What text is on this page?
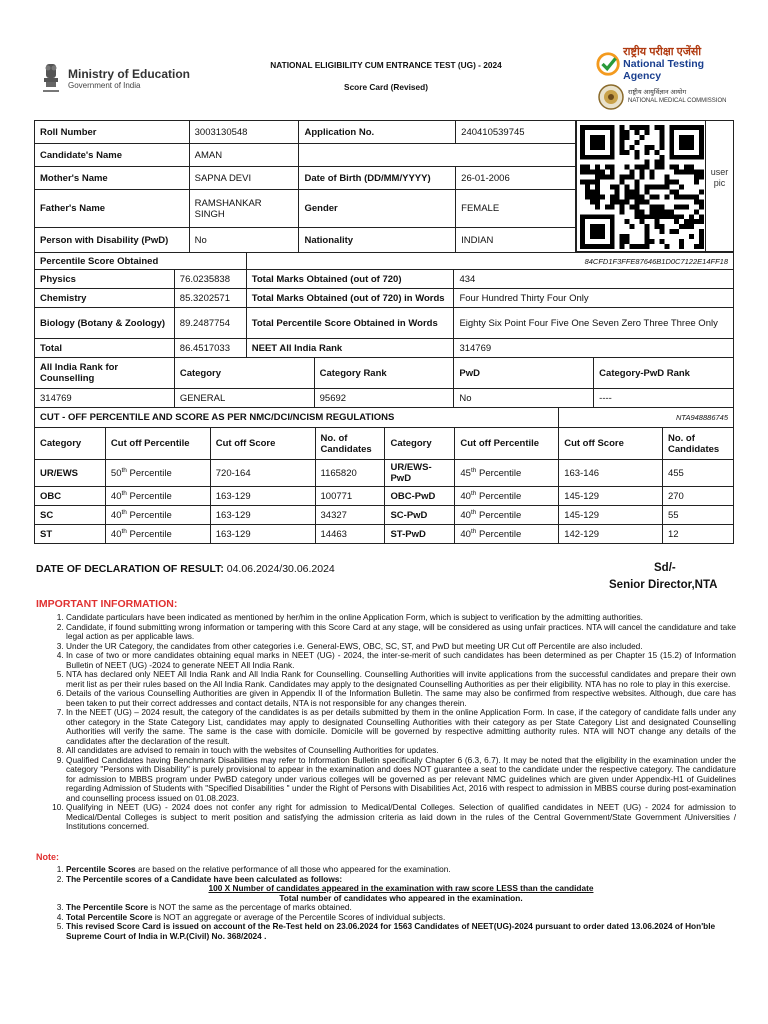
Ministry of Education
Government of India
NATIONAL ELIGIBILITY CUM ENTRANCE TEST (UG) - 2024
Score Card (Revised)
राष्ट्रीय परीक्षा एजेंसी
National Testing Agency
राष्ट्रीय आयुर्विज्ञान आयोग
NATIONAL MEDICAL COMMISSION
Roll Number	3003130548	Application No.	240410539745
Candidate's Name	AMAN		
Mother's Name	SAPNA DEVI	Date of Birth (DD/MM/YYYY)	26-01-2006
Father's Name	RAMSHANKAR SINGH	Gender	FEMALE
Person with Disability (PwD)	No	Nationality	INDIAN
user pic
Percentile Score Obtained		84CFD1F3FFE87646B1D0C7122E14FF18	
Physics	76.0235838	Total Marks Obtained (out of 720)	434
Chemistry	85.3202571	Total Marks Obtained (out of 720) in Words	Four Hundred Thirty Four Only
Biology (Botany & Zoology)	89.2487754	Total Percentile Score Obtained in Words	Eighty Six Point Four Five One Seven Zero Three Three Only
Total	86.4517033	NEET All India Rank	314769
All India Rank for Counselling	Category	Category Rank	PwD	Category-PwD Rank
314769	GENERAL	95692	No	----
CUT - OFF PERCENTILE AND SCORE AS PER NMC/DCI/NCISM REGULATIONS						NTA948886745	
Category	Cut off Percentile	Cut off Score	No. of Candidates	Category	Cut off Percentile	Cut off Score	No. of Candidates
UR/EWS	50th Percentile	720-164	1165820	UR/EWS-PwD	45th Percentile	163-146	455
OBC	40th Percentile	163-129	100771	OBC-PwD	40th Percentile	145-129	270
SC	40th Percentile	163-129	34327	SC-PwD	40th Percentile	145-129	55
ST	40th Percentile	163-129	14463	ST-PwD	40th Percentile	142-129	12
DATE OF DECLARATION OF RESULT: 04.06.2024/30.06.2024	Sd/-
Senior Director,NTA
IMPORTANT INFORMATION:
1. Candidate particulars have been indicated as mentioned by her/him in the online Application Form, which is subject to verification by the admitting authorities.
2. Candidate, if found submitting wrong information or tampering with this Score Card at any stage, will be considered as using unfair practices. NTA will cancel the candidature and take legal action as per applicable laws.
3. Under the UR Category, the candidates from other categories i.e. General-EWS, OBC, SC, ST, and PwD but meeting UR Cut off Percentile are also included.
4. In case of two or more candidates obtaining equal marks in NEET (UG) - 2024, the inter-se-merit of such candidates has been determined as per Chapter 15 (15.2) of Information Bulletin of NEET (UG) -2024 to generate NEET All India Rank.
5. NTA has declared only NEET All India Rank and All India Rank for Counselling. Counselling Authorities will invite applications from the successful candidates and prepare their own merit list as per their rules based on the All India Rank. Candidates may apply to the designated Counselling Authorities as per their eligibility. NTA has no role to play in this exercise.
6. Details of the various Counselling Authorities are given in Appendix II of the Information Bulletin. The same may also be confirmed from respective websites. Although, due care has been taken to put their correct addresses and contact details, NTA is not responsible for any changes therein.
7. In the NEET (UG) – 2024 result, the category of the candidates is as per details submitted by them in the online Application Form. In case, if the category of candidate falls under any other category in the State Category List, candidates may apply to designated Counselling Authorities with their category as per State Category List and designated Counselling Authorities will verify the same. The same is the case with domicile. Domicile will be governed by respective admitting authority rules. NTA will NOT change any details of the candidates after the declaration of the result.
8. All candidates are advised to remain in touch with the websites of Counselling Authorities for updates.
9. Qualified Candidates having Benchmark Disabilities may refer to Information Bulletin specifically Chapter 6 (6.3, 6.7). It may be noted that the eligibility in the examination under the category "Persons with Disability" is purely provisional to appear in the examination and does NOT guarantee a seat to the candidate under the respective category. The candidature for admission to MBBS program under PwBD category under various colleges will be governed as per relevant NMC guidelines which are given under Appendix-H1 of Guidelines regarding Admission of Students with "Specified Disabilities " under the Right of Persons with Disabilities Act, 2016 with respect to admission in MBBS course during post-examination and counselling process issued on 01.08.2023.
10. Qualifying in NEET (UG) - 2024 does not confer any right for admission to Medical/Dental Colleges. Selection of qualified candidates in NEET (UG) - 2024 for admission to Medical/Dental Colleges is subject to merit position and satisfying the admission criteria as laid down in the rules of the Central Government/State Government /Universities / Institutions concerned.
Note:
1. Percentile Scores are based on the relative performance of all those who appeared for the examination.
2. The Percentile scores of a Candidate have been calculated as follows:
100 X Number of candidates appeared in the examination with raw score LESS than the candidate
Total number of candidates who appeared in the examination.
3. The Percentile Score is NOT the same as the percentage of marks obtained.
4. Total Percentile Score is NOT an aggregate or average of the Percentile Scores of individual subjects.
5. This revised Score Card is issued on account of the Re-Test held on 23.06.2024 for 1563 Candidates of NEET(UG)-2024 pursuant to order dated 13.06.2024 of Hon'ble Supreme Court of India in W.P.(Civil) No. 368/2024 .
